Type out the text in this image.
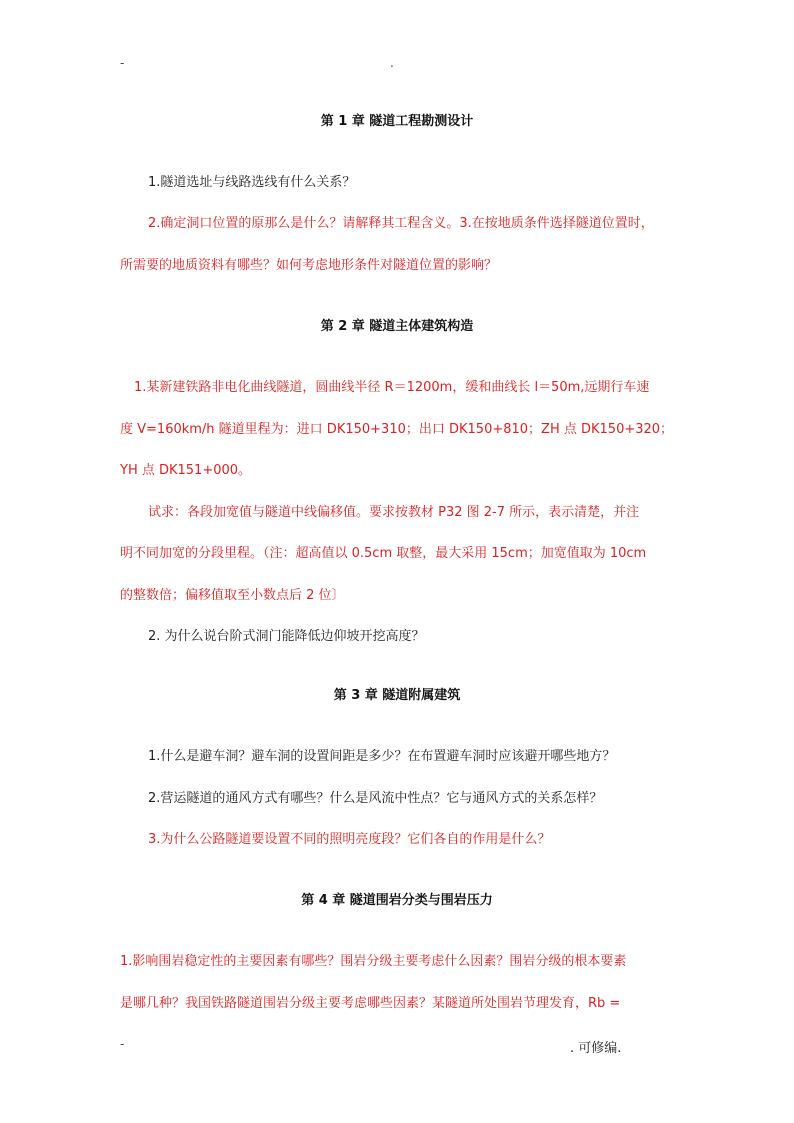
-	.
第 1 章 隧道工程勘测设计
1.隧道选址与线路选线有什么关系？
2.确定洞口位置的原那么是什么？请解释其工程含义。3.在按地质条件选择隧道位置时，
所需要的地质资料有哪些？如何考虑地形条件对隧道位置的影响？
第 2 章 隧道主体建筑构造
1.某新建铁路非电化曲线隧道，圆曲线半径 R＝1200m，缓和曲线长 l＝50m,远期行车速
度 V=160km/h 隧道里程为：进口 DK150+310；出口 DK150+810；ZH 点 DK150+320；
YH 点 DK151+000。
试求：各段加宽值与隧道中线偏移值。要求按教材 P32 图 2-7 所示，表示清楚，并注
明不同加宽的分段里程。（注：超高值以 0.5cm 取整，最大采用 15cm；加宽值取为 10cm
的整数倍；偏移值取至小数点后 2 位〕
2. 为什么说台阶式洞门能降低边仰坡开挖高度？
第 3 章 隧道附属建筑
1.什么是避车洞？避车洞的设置间距是多少？在布置避车洞时应该避开哪些地方？
2.营运隧道的通风方式有哪些？什么是风流中性点？它与通风方式的关系怎样？
3.为什么公路隧道要设置不同的照明亮度段？它们各自的作用是什么？
第 4 章 隧道围岩分类与围岩压力
1.影响围岩稳定性的主要因素有哪些？围岩分级主要考虑什么因素？围岩分级的根本要素
是哪几种？我国铁路隧道围岩分级主要考虑哪些因素？某隧道所处围岩节理发育，Rb =
-	. 可修编.
